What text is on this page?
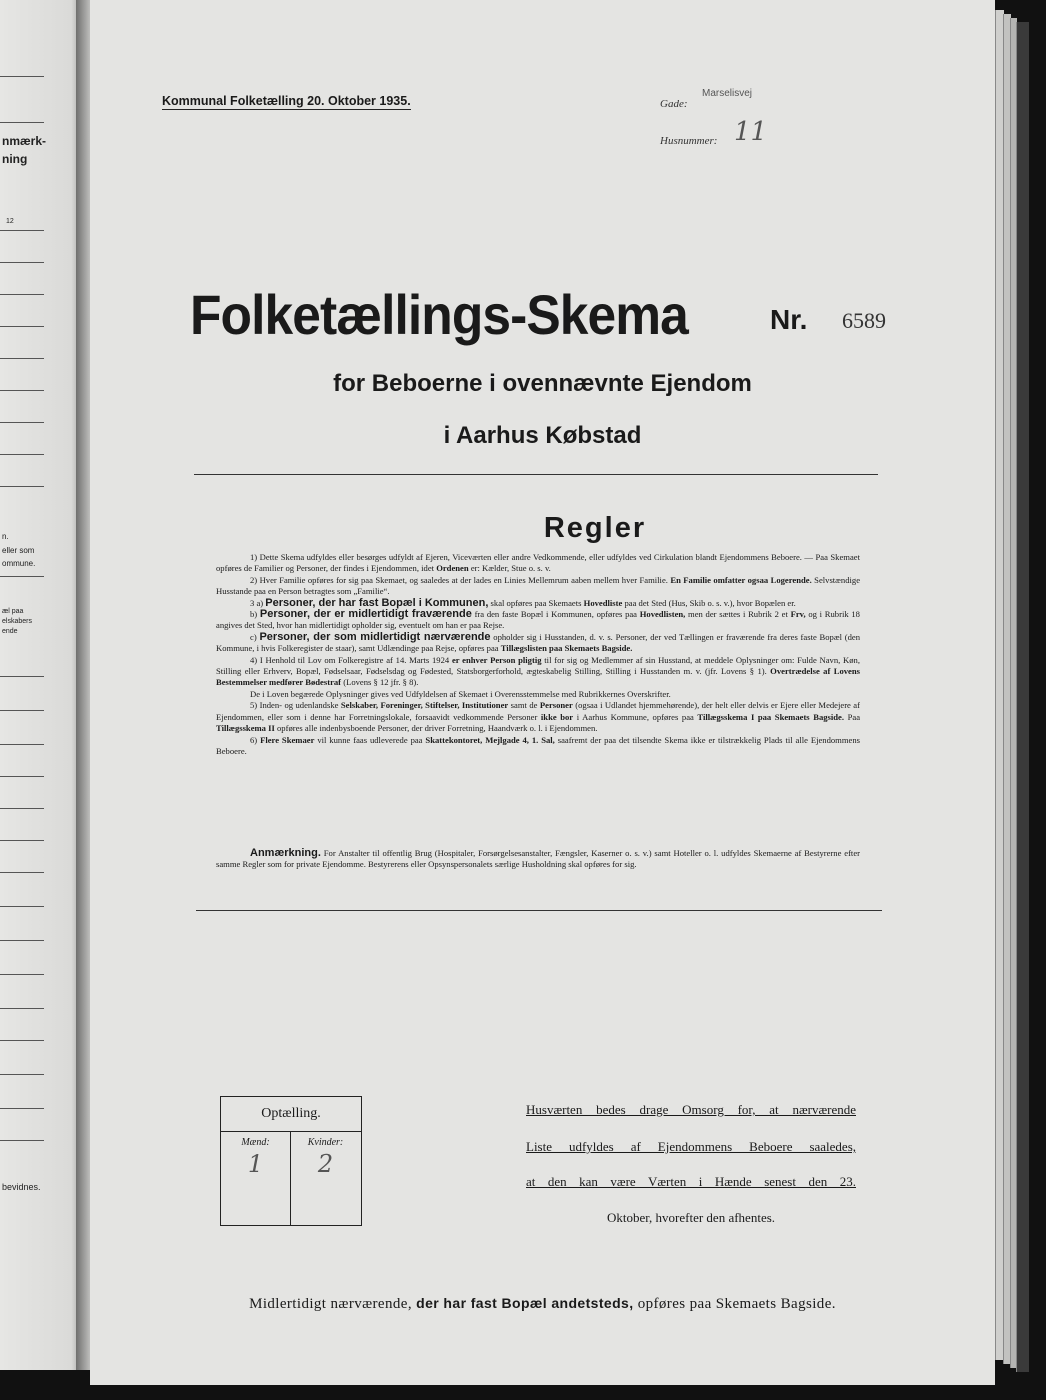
nmærk-
ning
12
n.
eller som
ommune.
æl paa
elskabers
ende
bevidnes.
Kommunal Folketælling 20. Oktober 1935.	Gade:
Marselisvej
Husnummer: 11
Folketællings-Skema	Nr. 6589
for Beboerne i ovennævnte Ejendom
i Aarhus Købstad
Regler

1) Dette Skema udfyldes eller besørges udfyldt af Ejeren, Viceværten eller andre Vedkommende, eller udfyldes ved Cirkulation blandt Ejendommens Beboere. — Paa Skemaet opføres de Familier og Personer, der findes i Ejendommen, idet Ordenen er: Kælder, Stue o. s. v.

2) Hver Familie opføres for sig paa Skemaet, og saaledes at der lades en Linies Mellemrum aaben mellem hver Familie. En Familie omfatter ogsaa Logerende. Selvstændige Husstande paa en Person betragtes som „Familie“.

3 a) Personer, der har fast Bopæl i Kommunen, skal opføres paa Skemaets Hovedliste paa det Sted (Hus, Skib o. s. v.), hvor Bopælen er.

b) Personer, der er midlertidigt fraværende fra den faste Bopæl i Kommunen, opføres paa Hovedlisten, men der sættes i Rubrik 2 et Frv, og i Rubrik 18 angives det Sted, hvor han midlertidigt opholder sig, eventuelt om han er paa Rejse.

c) Personer, der som midlertidigt nærværende opholder sig i Husstanden, d. v. s. Personer, der ved Tællingen er fraværende fra deres faste Bopæl (den Kommune, i hvis Folkeregister de staar), samt Udlændinge paa Rejse, opføres paa Tillægslisten paa Skemaets Bagside.

4) I Henhold til Lov om Folkeregistre af 14. Marts 1924 er enhver Person pligtig til for sig og Medlemmer af sin Husstand, at meddele Oplysninger om: Fulde Navn, Køn, Stilling eller Erhverv, Bopæl, Fødselsaar, Fødselsdag og Fødested, Statsborgerforhold, ægteskabelig Stilling, Stilling i Husstanden m. v. (jfr. Lovens § 1). Overtrædelse af Lovens Bestemmelser medfører Bødestraf (Lovens § 12 jfr. § 8).

De i Loven begærede Oplysninger gives ved Udfyldelsen af Skemaet i Overensstemmelse med Rubrikkernes Overskrifter.

5) Inden- og udenlandske Selskaber, Foreninger, Stiftelser, Institutioner samt de Personer (ogsaa i Udlandet hjemmehørende), der helt eller delvis er Ejere eller Medejere af Ejendommen, eller som i denne har Forretningslokale, forsaavidt vedkommende Personer ikke bor i Aarhus Kommune, opføres paa Tillægsskema I paa Skemaets Bagside. Paa Tillægsskema II opføres alle indenbysboende Personer, der driver Forretning, Haandværk o. l. i Ejendommen.

6) Flere Skemaer vil kunne faas udleverede paa Skattekontoret, Mejlgade 4, 1. Sal, saafremt der paa det tilsendte Skema ikke er tilstrækkelig Plads til alle Ejendommens Beboere.

Anmærkning. For Anstalter til offentlig Brug (Hospitaler, Forsørgelsesanstalter, Fængsler, Kaserner o. s. v.) samt Hoteller o. l. udfyldes Skemaerne af Bestyrerne efter samme Regler som for private Ejendomme. Bestyrerens eller Opsynspersonalets særlige Husholdning skal opføres for sig.

Optælling.
Mænd:
1
Kvinder:
2
Husværten bedes drage Omsorg for, at nærværende
Liste udfyldes af Ejendommens Beboere saaledes,
at den kan være Værten i Hænde senest den 23.
Oktober, hvorefter den afhentes.
Midlertidigt nærværende, der har fast Bopæl andetsteds, opføres paa Skemaets Bagside.
